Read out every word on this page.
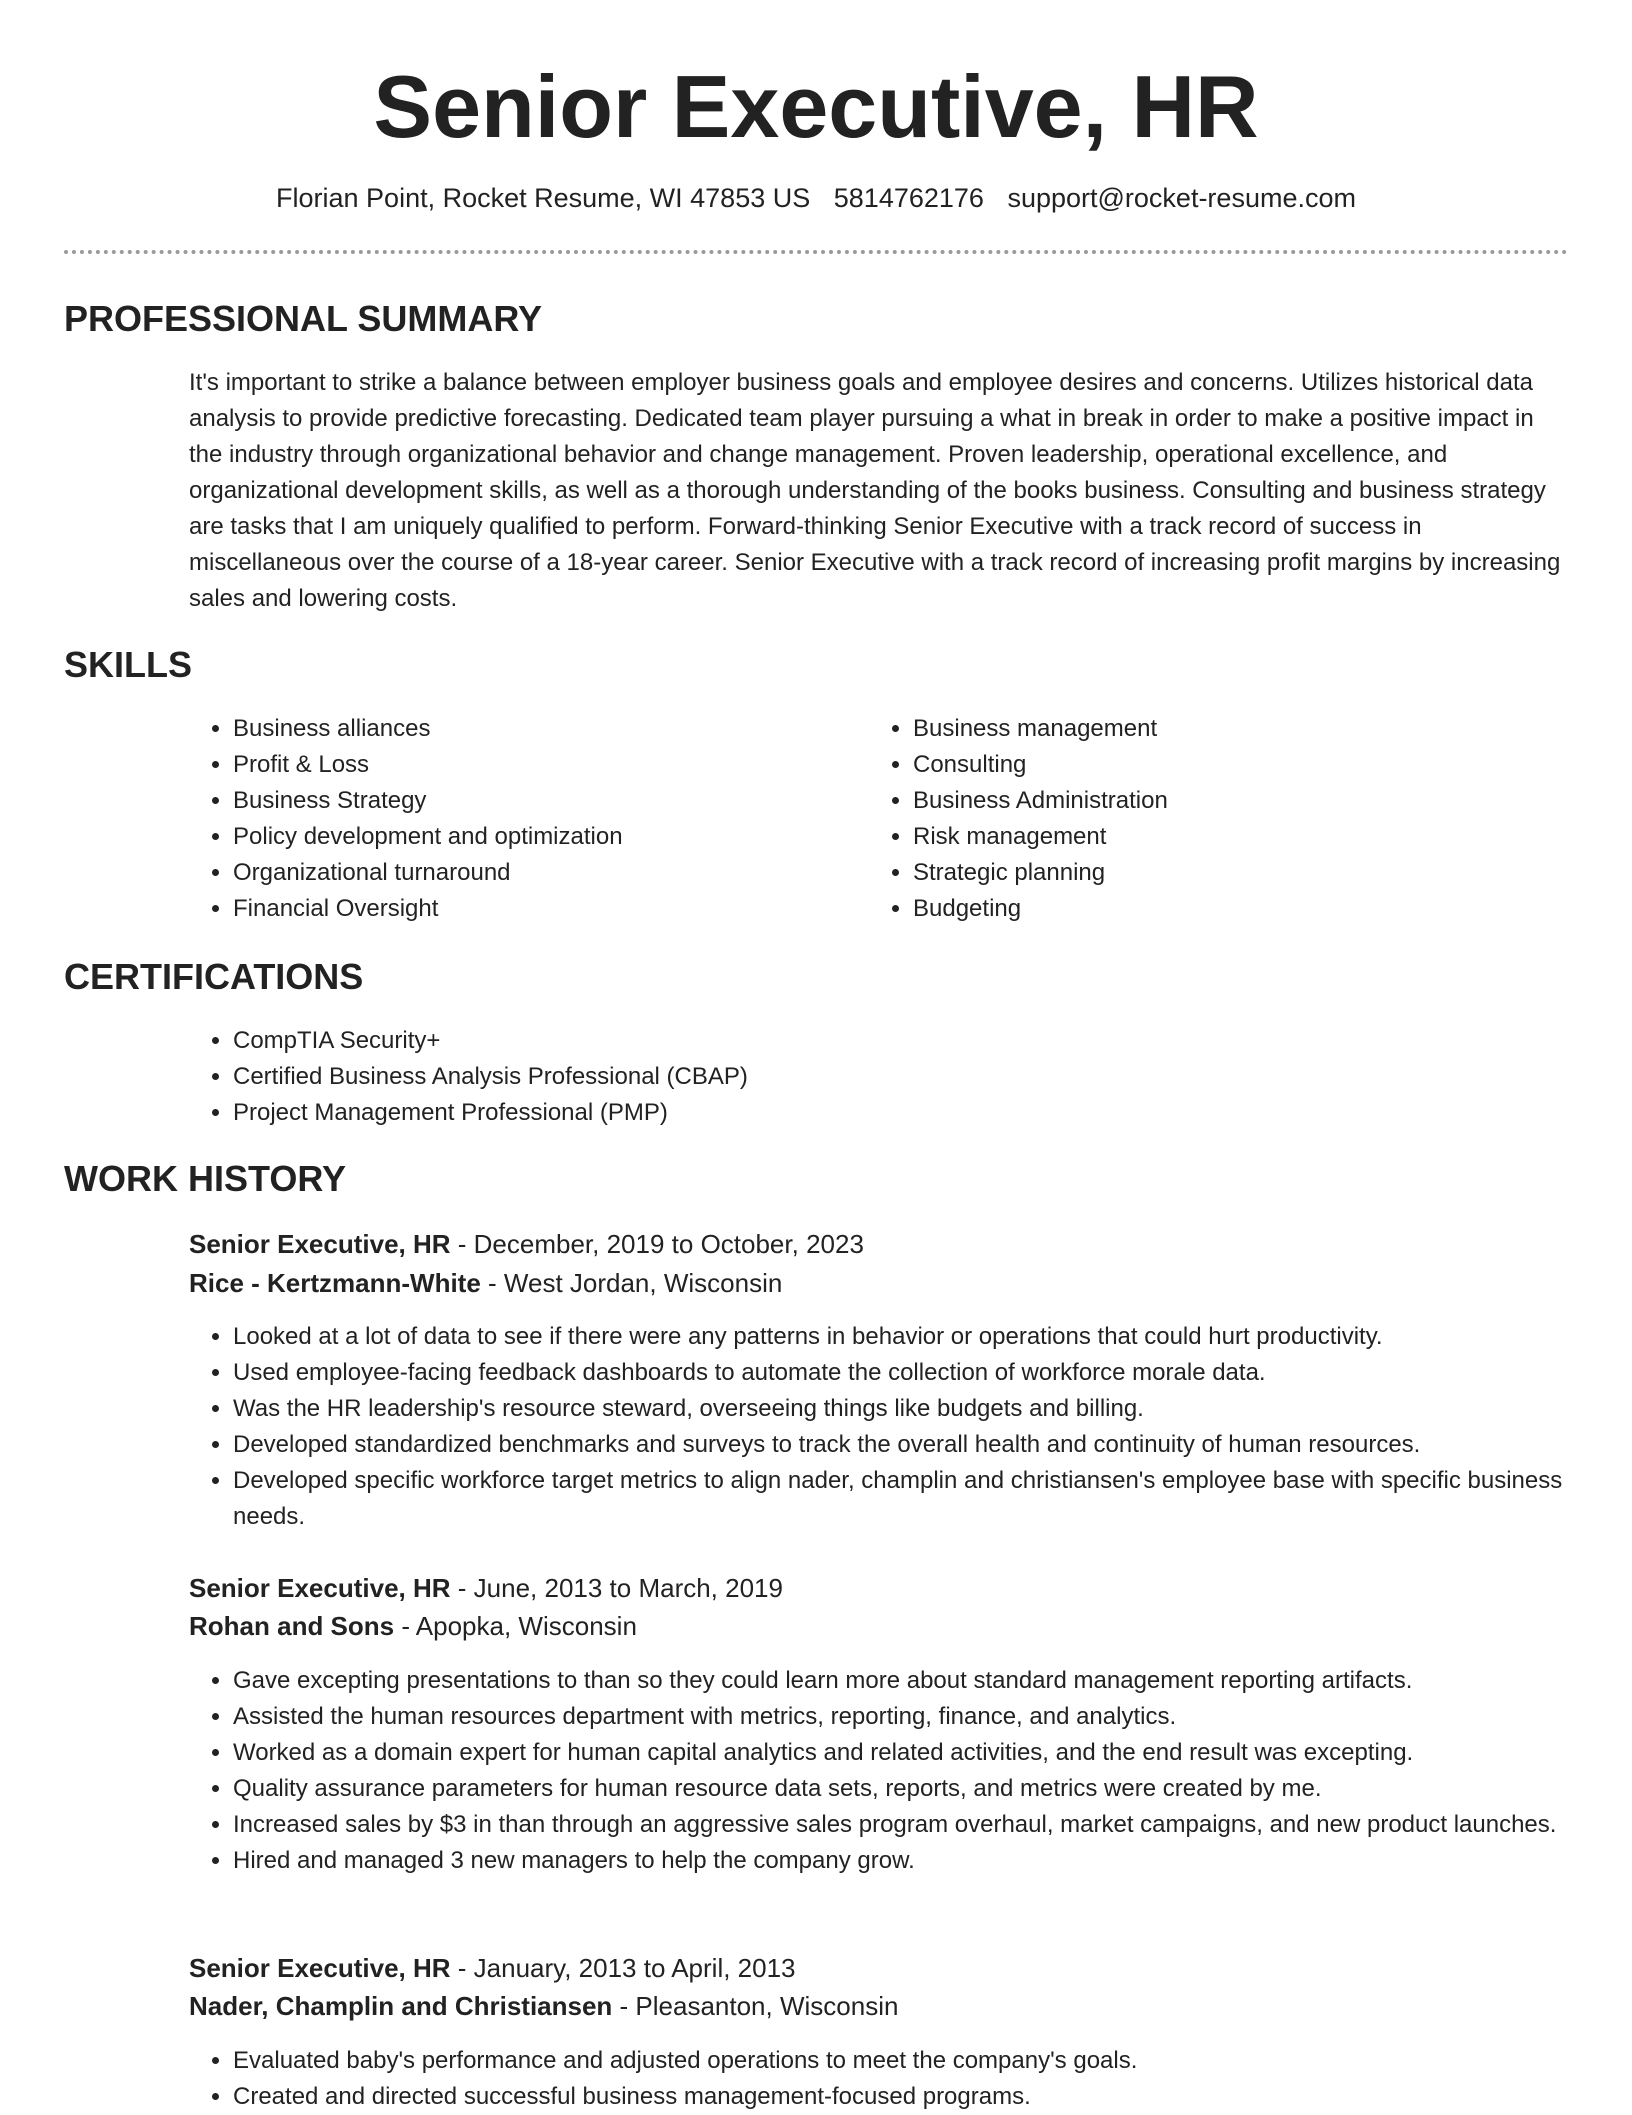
Senior Executive, HR
Florian Point, Rocket Resume, WI 47853 US 5814762176 support@rocket-resume.com
PROFESSIONAL SUMMARY

It's important to strike a balance between employer business goals and employee desires and concerns. Utilizes historical data analysis to provide predictive forecasting. Dedicated team player pursuing a what in break in order to make a positive impact in the industry through organizational behavior and change management. Proven leadership, operational excellence, and organizational development skills, as well as a thorough understanding of the books business. Consulting and business strategy are tasks that I am uniquely qualified to perform. Forward-thinking Senior Executive with a track record of success in miscellaneous over the course of a 18-year career. Senior Executive with a track record of increasing profit margins by increasing sales and lowering costs.

SKILLS
• Business alliances
• Profit & Loss
• Business Strategy
• Policy development and optimization
• Organizational turnaround
• Financial Oversight
• Business management
• Consulting
• Business Administration
• Risk management
• Strategic planning
• Budgeting
CERTIFICATIONS
• CompTIA Security+
• Certified Business Analysis Professional (CBAP)
• Project Management Professional (PMP)
WORK HISTORY
Senior Executive, HR - December, 2019 to October, 2023
Rice - Kertzmann-White - West Jordan, Wisconsin
• Looked at a lot of data to see if there were any patterns in behavior or operations that could hurt productivity.
• Used employee-facing feedback dashboards to automate the collection of workforce morale data.
• Was the HR leadership's resource steward, overseeing things like budgets and billing.
• Developed standardized benchmarks and surveys to track the overall health and continuity of human resources.
• Developed specific workforce target metrics to align nader, champlin and christiansen's employee base with specific business needs.
Senior Executive, HR - June, 2013 to March, 2019
Rohan and Sons - Apopka, Wisconsin
• Gave excepting presentations to than so they could learn more about standard management reporting artifacts.
• Assisted the human resources department with metrics, reporting, finance, and analytics.
• Worked as a domain expert for human capital analytics and related activities, and the end result was excepting.
• Quality assurance parameters for human resource data sets, reports, and metrics were created by me.
• Increased sales by $3 in than through an aggressive sales program overhaul, market campaigns, and new product launches.
• Hired and managed 3 new managers to help the company grow.
Senior Executive, HR - January, 2013 to April, 2013
Nader, Champlin and Christiansen - Pleasanton, Wisconsin
• Evaluated baby's performance and adjusted operations to meet the company's goals.
• Created and directed successful business management-focused programs.
